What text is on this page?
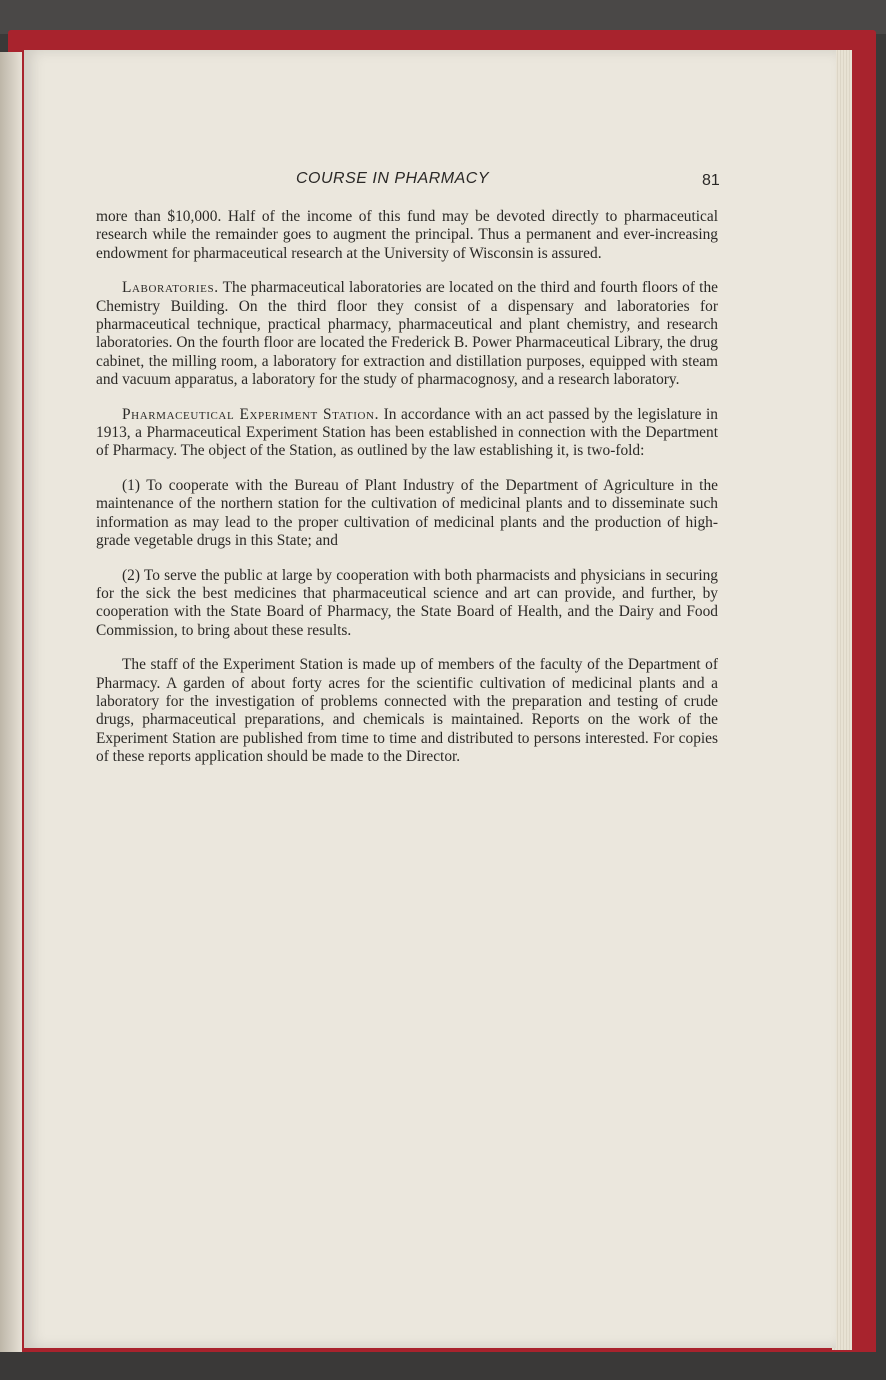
COURSE IN PHARMACY	81

more than $10,000. Half of the income of this fund may be devoted directly to pharmaceutical research while the remainder goes to augment the principal. Thus a permanent and ever-increasing endowment for pharmaceutical research at the University of Wisconsin is assured.

Laboratories. The pharmaceutical laboratories are located on the third and fourth floors of the Chemistry Building. On the third floor they consist of a dispensary and laboratories for pharmaceutical technique, practical pharmacy, pharmaceutical and plant chemistry, and research laboratories. On the fourth floor are located the Frederick B. Power Pharmaceutical Library, the drug cabinet, the milling room, a laboratory for extraction and distillation purposes, equipped with steam and vacuum apparatus, a laboratory for the study of pharmacognosy, and a research laboratory.

Pharmaceutical Experiment Station. In accordance with an act passed by the legislature in 1913, a Pharmaceutical Experiment Station has been established in connection with the Department of Pharmacy. The object of the Station, as outlined by the law establishing it, is two-fold:

(1) To cooperate with the Bureau of Plant Industry of the Department of Agriculture in the maintenance of the northern station for the cultivation of medicinal plants and to disseminate such information as may lead to the proper cultivation of medicinal plants and the production of high-grade vegetable drugs in this State; and

(2) To serve the public at large by cooperation with both pharmacists and physicians in securing for the sick the best medicines that pharmaceutical science and art can provide, and further, by cooperation with the State Board of Pharmacy, the State Board of Health, and the Dairy and Food Commission, to bring about these results.

The staff of the Experiment Station is made up of members of the faculty of the Department of Pharmacy. A garden of about forty acres for the scientific cultivation of medicinal plants and a laboratory for the investigation of problems connected with the preparation and testing of crude drugs, pharmaceutical preparations, and chemicals is maintained. Reports on the work of the Experiment Station are published from time to time and distributed to persons interested. For copies of these reports application should be made to the Director.
